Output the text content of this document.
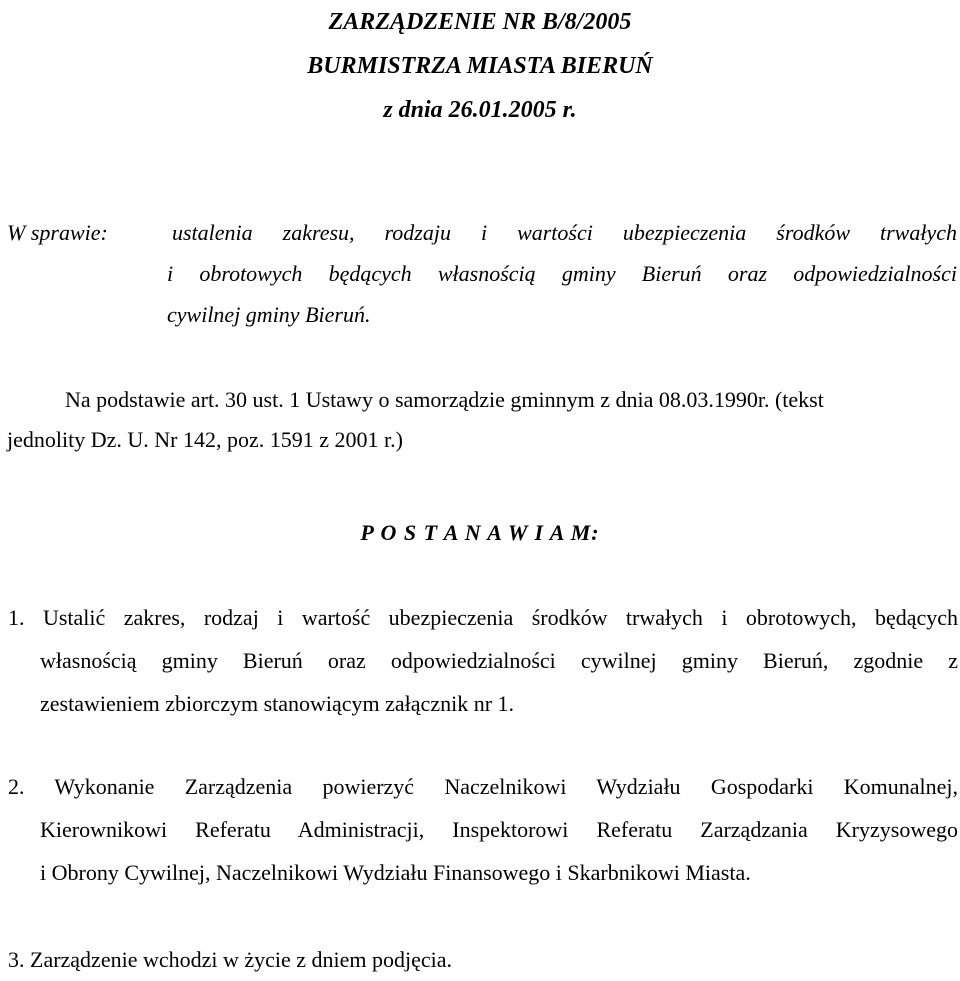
ZARZĄDZENIE NR B/8/2005
BURMISTRZA MIASTA BIERUŃ
z dnia 26.01.2005 r.
W sprawie:	ustalenia zakresu, rodzaju i wartości ubezpieczenia środków trwałych
i obrotowych będących własnością gminy Bieruń oraz odpowiedzialności
cywilnej gminy Bieruń.
Na podstawie art. 30 ust. 1 Ustawy o samorządzie gminnym z dnia 08.03.1990r. (tekst
jednolity Dz. U. Nr 142, poz. 1591 z 2001 r.)
P O S T A N A W I A M:
1. Ustalić zakres, rodzaj i wartość ubezpieczenia środków trwałych i obrotowych, będących
własnością gminy Bieruń oraz odpowiedzialności cywilnej gminy Bieruń, zgodnie z
zestawieniem zbiorczym stanowiącym załącznik nr 1.
2. Wykonanie Zarządzenia powierzyć Naczelnikowi Wydziału Gospodarki Komunalnej,
Kierownikowi Referatu Administracji, Inspektorowi Referatu Zarządzania Kryzysowego
i Obrony Cywilnej, Naczelnikowi Wydziału Finansowego i Skarbnikowi Miasta.
3. Zarządzenie wchodzi w życie z dniem podjęcia.
